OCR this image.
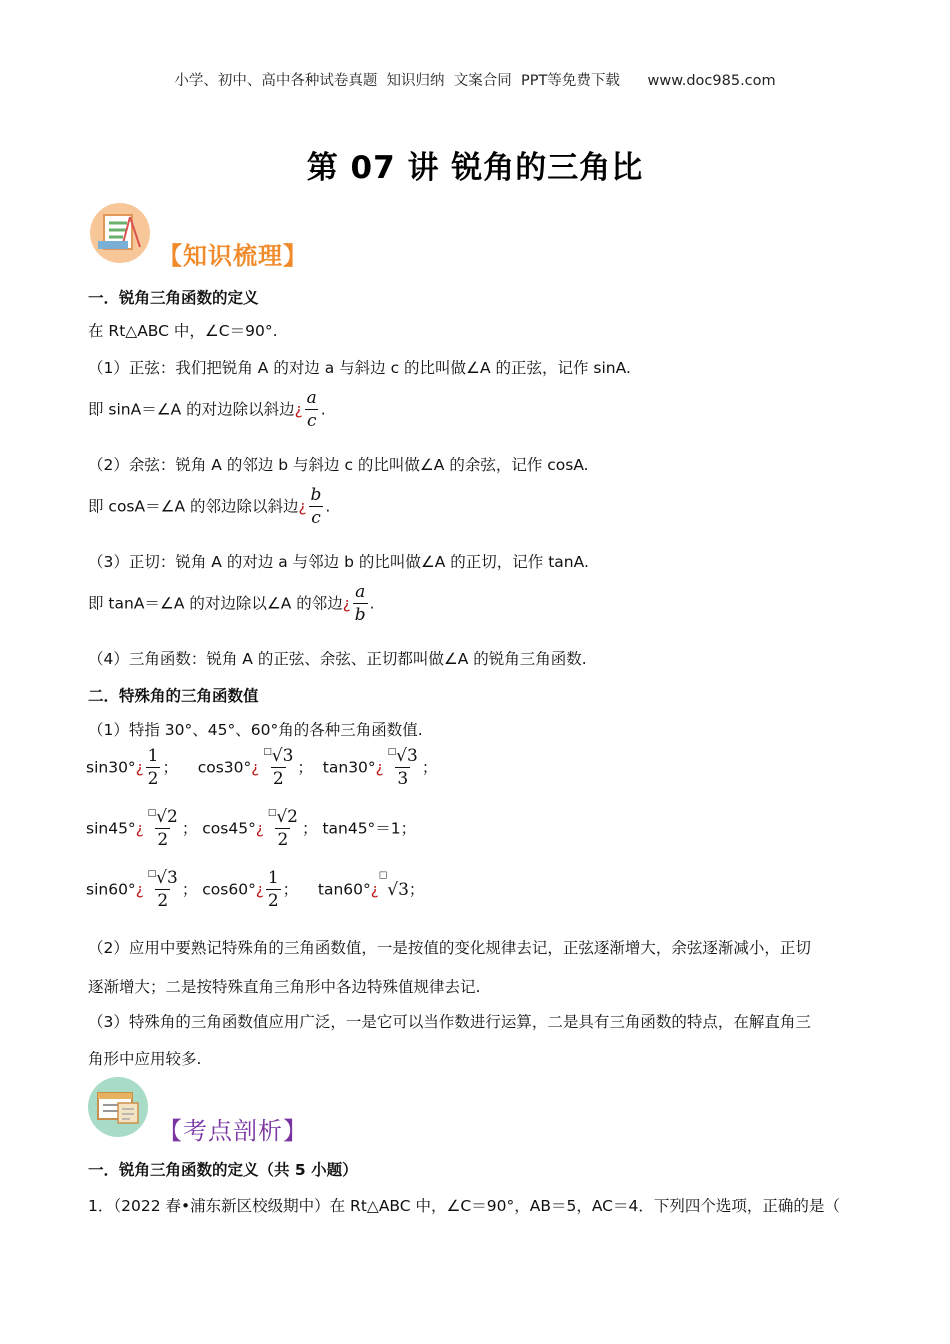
小学、初中、高中各种试卷真题  知识归纳  文案合同  PPT等免费下载      www.doc985.com
第 07 讲 锐角的三角比
【知识梳理】
一．锐角三角函数的定义
在 Rt△ABC 中，∠C＝90°.
（1）正弦：我们把锐角 A 的对边 a 与斜边 c 的比叫做∠A 的正弦，记作 sinA.
即 sinA＝∠A 的对边除以斜边¿ $\frac{a}{c}$ .
（2）余弦：锐角 A 的邻边 b 与斜边 c 的比叫做∠A 的余弦，记作 cosA.
即 cosA＝∠A 的邻边除以斜边¿ $\frac{b}{c}$ .
（3）正切：锐角 A 的对边 a 与邻边 b 的比叫做∠A 的正切，记作 tanA.
即 tanA＝∠A 的对边除以∠A 的邻边¿ $\frac{a}{b}$ .
（4）三角函数：锐角 A 的正弦、余弦、正切都叫做∠A 的锐角三角函数.
二．特殊角的三角函数值
（1）特指 30°、45°、60°角的各种三角函数值.
sin30°¿ $\frac{1}{2}$ ； cos30°¿ $\frac{^□√3}{2}$ ； tan30°¿ $\frac{^□√3}{3}$ ；
sin45°¿ $\frac{^□√2}{2}$ ； cos45°¿ $\frac{^□√2}{2}$ ； tan45°＝1；
sin60°¿ $\frac{^□√3}{2}$ ； cos60°¿ $\frac{1}{2}$ ； tan60°¿□√3；
（2）应用中要熟记特殊角的三角函数值，一是按值的变化规律去记，正弦逐渐增大，余弦逐渐减小，正切
逐渐增大；二是按特殊直角三角形中各边特殊值规律去记.
（3）特殊角的三角函数值应用广泛，一是它可以当作数进行运算，二是具有三角函数的特点，在解直角三
角形中应用较多.
【考点剖析】
一．锐角三角函数的定义（共 5 小题）
1．（2022 春•浦东新区校级期中）在 Rt△ABC 中，∠C＝90°，AB＝5，AC＝4．下列四个选项，正确的是（
